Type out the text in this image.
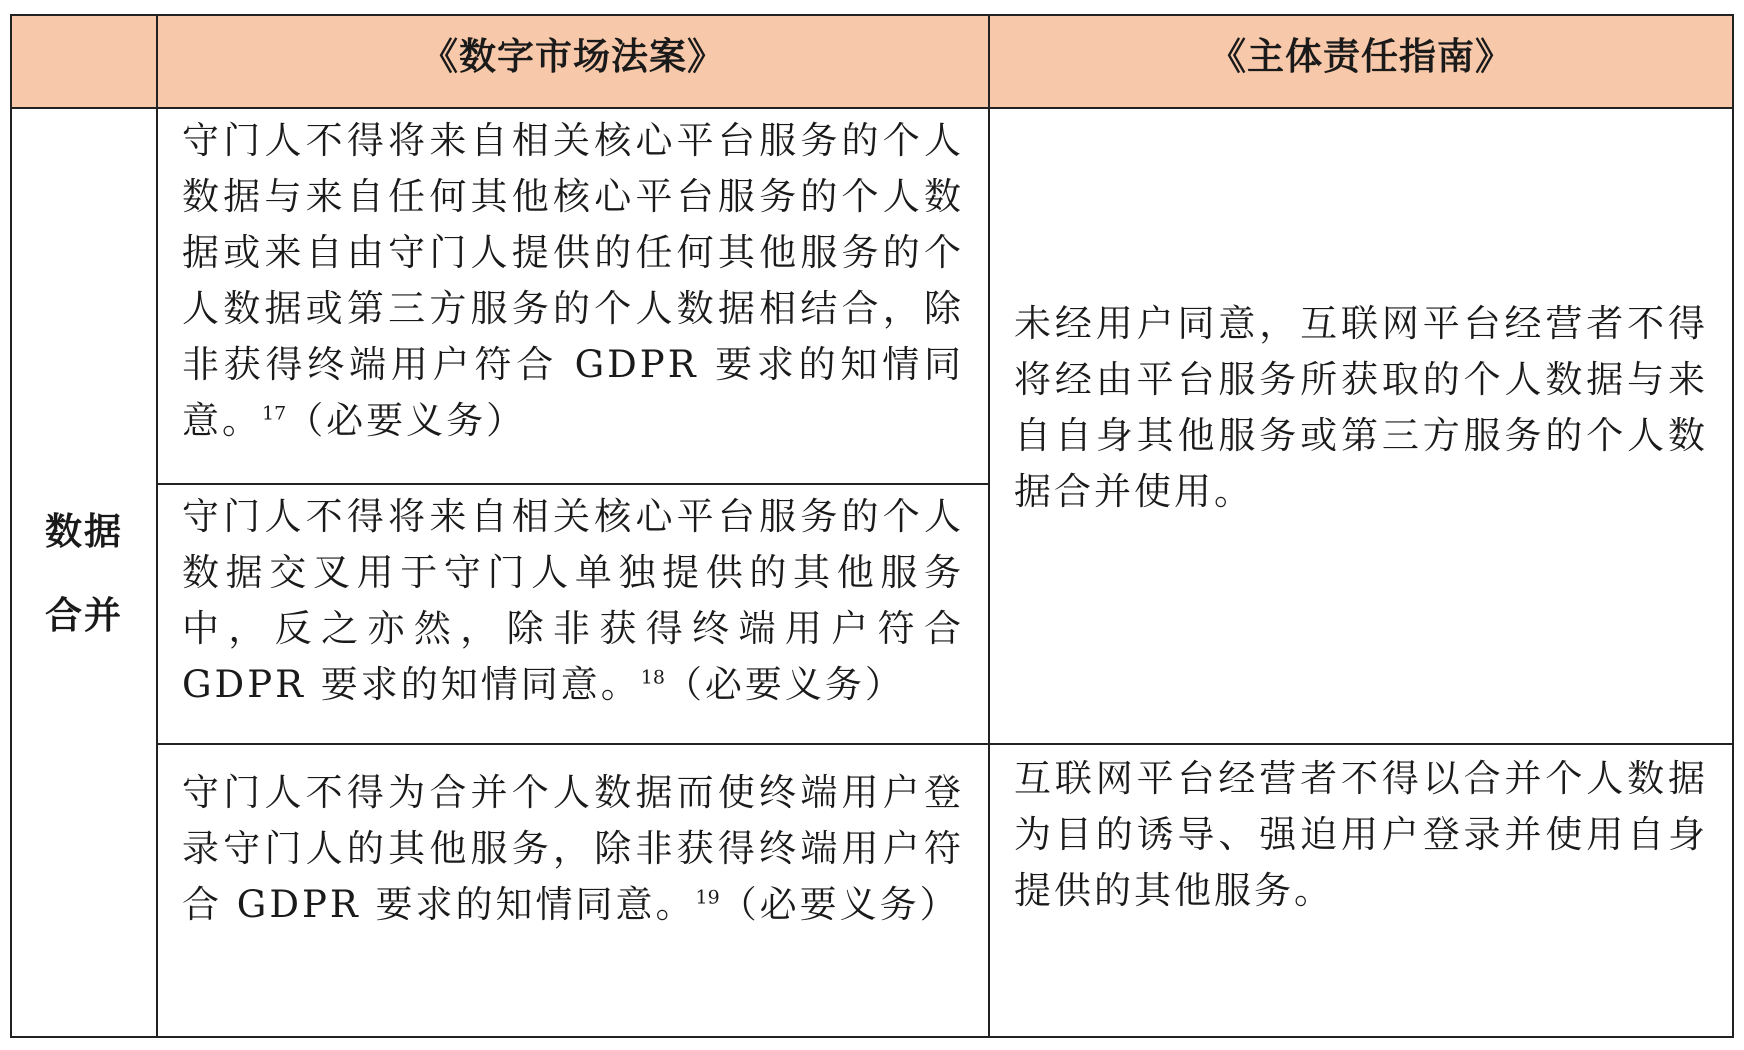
	《数字市场法案》	《主体责任指南》

数据
合并	守门人不得将来自相关核心平台服务的个人数据与来自任何其他核心平台服务的个人数据或来自由守门人提供的任何其他服务的个人数据或第三方服务的个人数据相结合，除非获得终端用户符合 GDPR 要求的知情同意。$^{17}$（必要义务）	未经用户同意，互联网平台经营者不得将经由平台服务所获取的个人数据与来自自身其他服务或第三方服务的个人数据合并使用。
	守门人不得将来自相关核心平台服务的个人数据交叉用于守门人单独提供的其他服务中，反之亦然，除非获得终端用户符合 GDPR 要求的知情同意。$^{18}$（必要义务）	
	守门人不得为合并个人数据而使终端用户登录守门人的其他服务，除非获得终端用户符合 GDPR 要求的知情同意。$^{19}$（必要义务）	互联网平台经营者不得以合并个人数据为目的诱导、强迫用户登录并使用自身提供的其他服务。
